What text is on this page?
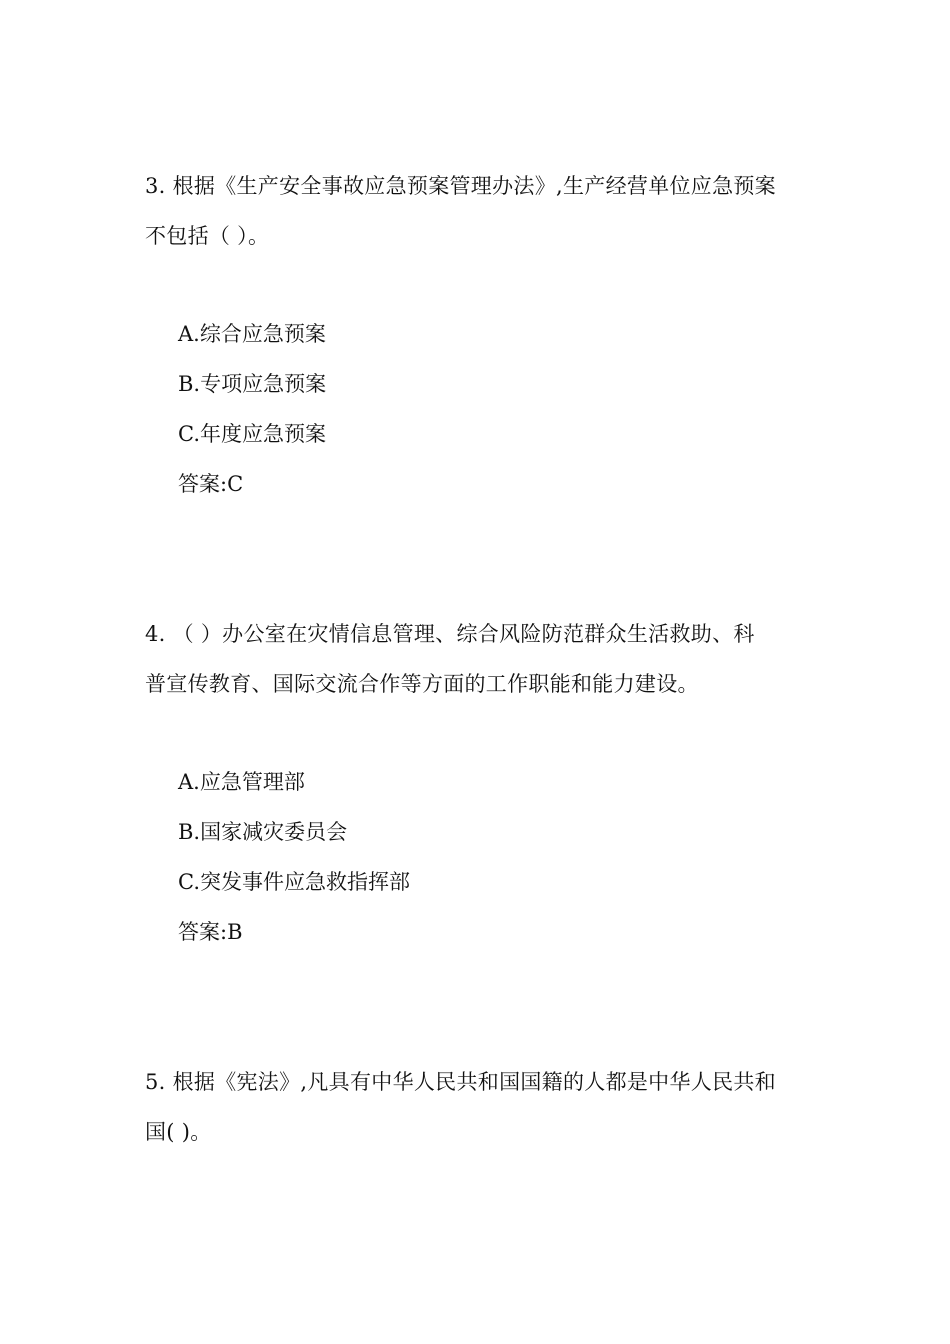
3. 根据《生产安全事故应急预案管理办法》,生产经营单位应急预案
不包括（ ）。
A.综合应急预案
B.专项应急预案
C.年度应急预案
答案:C
4. （ ）办公室在灾情信息管理、综合风险防范群众生活救助、科
普宣传教育、国际交流合作等方面的工作职能和能力建设。
A.应急管理部
B.国家减灾委员会
C.突发事件应急救指挥部
答案:B
5. 根据《宪法》,凡具有中华人民共和国国籍的人都是中华人民共和
国( )。
